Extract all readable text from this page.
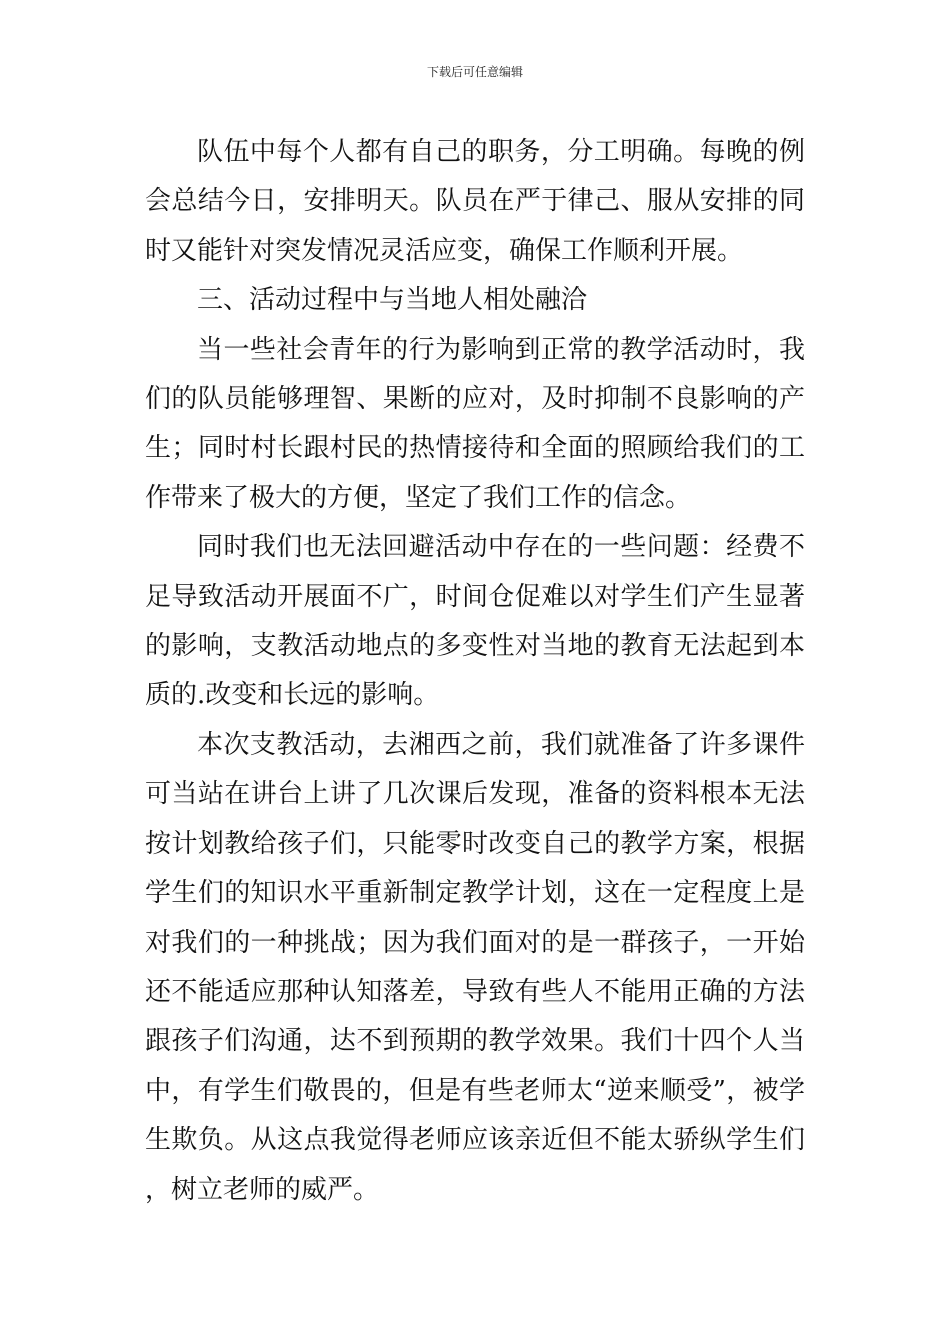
下载后可任意编辑

队伍中每个人都有自己的职务，分工明确。每晚的例会总结今日，安排明天。队员在严于律己、服从安排的同时又能针对突发情况灵活应变，确保工作顺利开展。

三、活动过程中与当地人相处融洽

当一些社会青年的行为影响到正常的教学活动时，我们的队员能够理智、果断的应对，及时抑制不良影响的产生；同时村长跟村民的热情接待和全面的照顾给我们的工作带来了极大的方便，坚定了我们工作的信念。

同时我们也无法回避活动中存在的一些问题：经费不足导致活动开展面不广，时间仓促难以对学生们产生显著的影响，支教活动地点的多变性对当地的教育无法起到本质的.改变和长远的影响。

本次支教活动，去湘西之前，我们就准备了许多课件可当站在讲台上讲了几次课后发现，准备的资料根本无法按计划教给孩子们，只能零时改变自己的教学方案，根据学生们的知识水平重新制定教学计划，这在一定程度上是对我们的一种挑战；因为我们面对的是一群孩子，一开始还不能适应那种认知落差，导致有些人不能用正确的方法跟孩子们沟通，达不到预期的教学效果。我们十四个人当中，有学生们敬畏的，但是有些老师太“逆来顺受”，被学生欺负。从这点我觉得老师应该亲近但不能太骄纵学生们，树立老师的威严。
